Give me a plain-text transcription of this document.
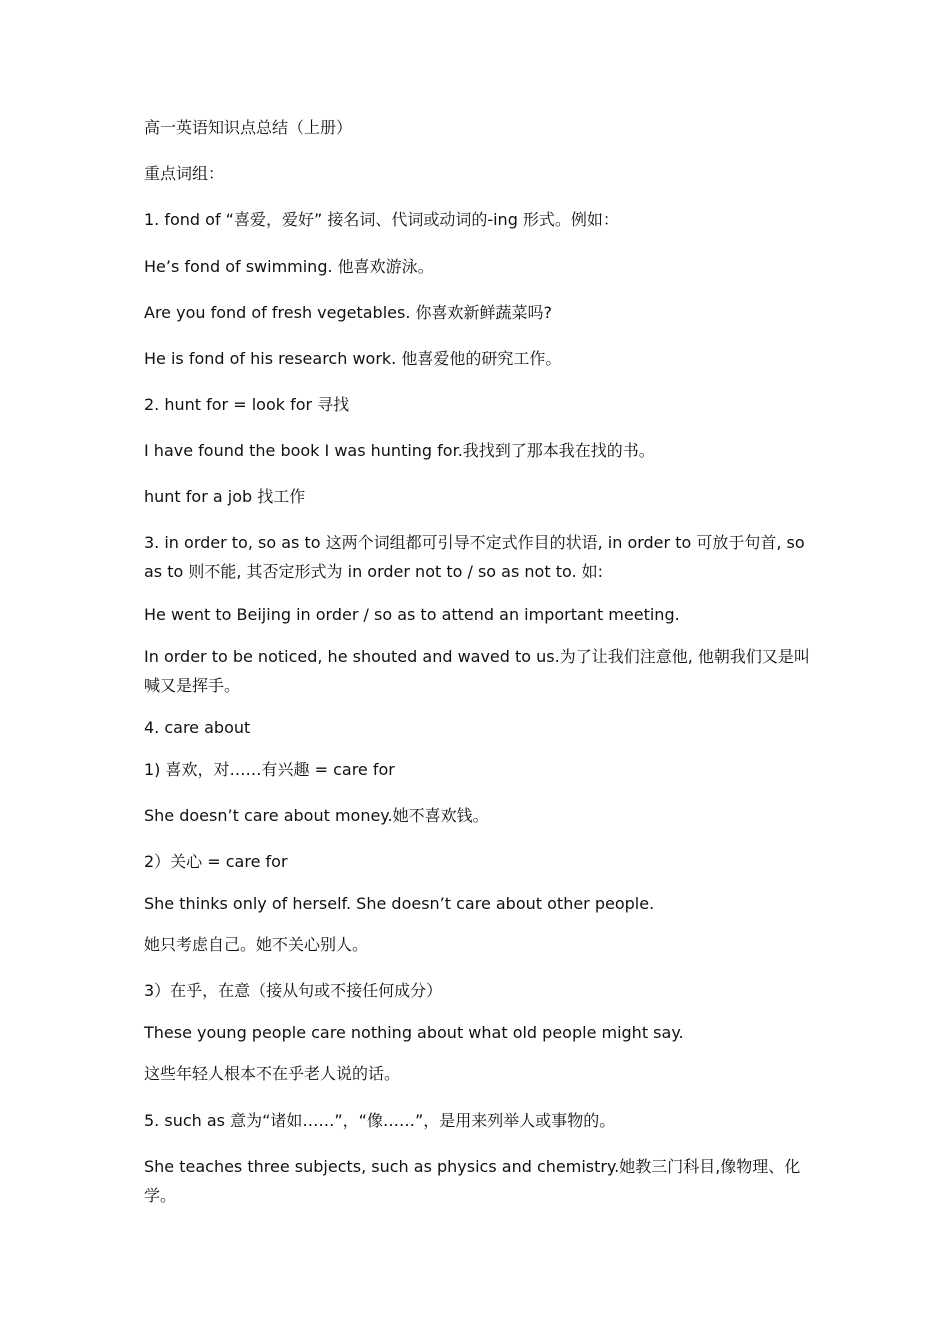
高一英语知识点总结（上册）
重点词组：
1. fond of “喜爱，爱好” 接名词、代词或动词的-ing 形式。例如：
He’s fond of swimming. 他喜欢游泳。
Are you fond of fresh vegetables. 你喜欢新鲜蔬菜吗?
He is fond of his research work. 他喜爱他的研究工作。
2. hunt for = look for 寻找
I have found the book I was hunting for.我找到了那本我在找的书。
hunt for a job 找工作
3. in order to, so as to 这两个词组都可引导不定式作目的状语, in order to 可放于句首, so as to 则不能, 其否定形式为 in order not to / so as not to. 如:
He went to Beijing in order / so as to attend an important meeting.
In order to be noticed, he shouted and waved to us.为了让我们注意他, 他朝我们又是叫喊又是挥手。
4. care about
1) 喜欢，对……有兴趣 = care for
She doesn’t care about money.她不喜欢钱。
2）关心 = care for
She thinks only of herself. She doesn’t care about other people.
她只考虑自己。她不关心别人。
3）在乎，在意（接从句或不接任何成分）
These young people care nothing about what old people might say.
这些年轻人根本不在乎老人说的话。
5. such as 意为“诸如……”，“像……”，是用来列举人或事物的。
She teaches three subjects, such as physics and chemistry.她教三门科目,像物理、化学。
